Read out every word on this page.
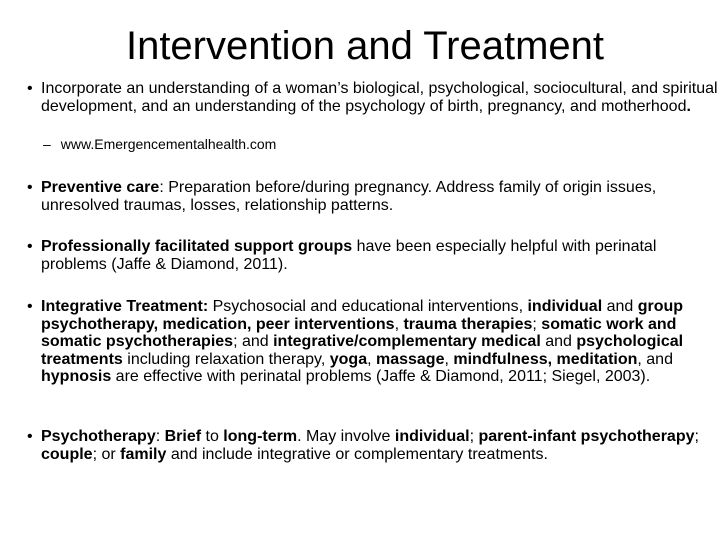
Intervention and Treatment
• Incorporate an understanding of a woman’s biological, psychological, sociocultural, and spiritual development, and an understanding of the psychology of birth, pregnancy, and motherhood.
– www.Emergencementalhealth.com
• Preventive care: Preparation before/during pregnancy. Address family of origin issues, unresolved traumas, losses, relationship patterns.
• Professionally facilitated support groups have been especially helpful with perinatal problems (Jaffe & Diamond, 2011).
• Integrative Treatment: Psychosocial and educational interventions, individual and group psychotherapy, medication, peer interventions, trauma therapies; somatic work and somatic psychotherapies; and integrative/complementary medical and psychological treatments including relaxation therapy, yoga, massage, mindfulness, meditation, and hypnosis are effective with perinatal problems (Jaffe & Diamond, 2011; Siegel, 2003).
• Psychotherapy: Brief to long-term. May involve individual; parent-infant psychotherapy; couple; or family and include integrative or complementary treatments.
